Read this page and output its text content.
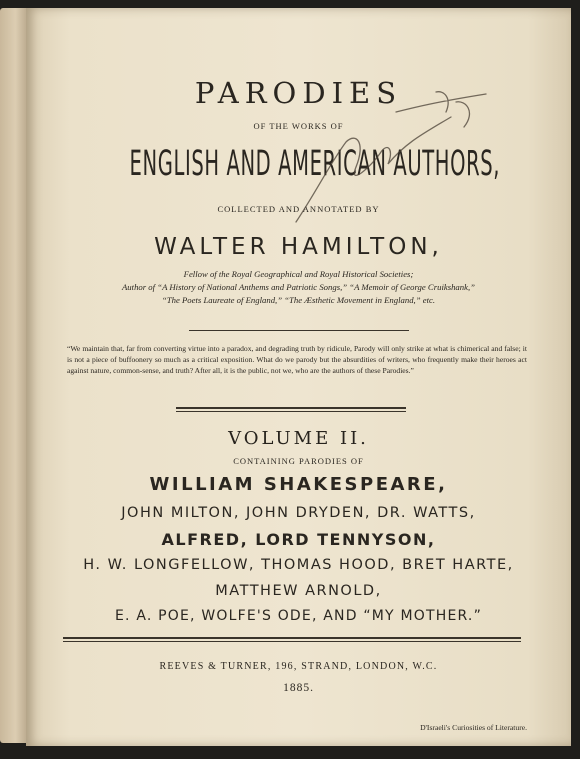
PARODIES
OF THE WORKS OF
ENGLISH AND AMERICAN AUTHORS,
COLLECTED AND ANNOTATED BY
WALTER HAMILTON,
Fellow of the Royal Geographical and Royal Historical Societies;
Author of “A History of National Anthems and Patriotic Songs,” “A Memoir of George Cruikshank,”
“The Poets Laureate of England,” “The Æsthetic Movement in England,” etc.
“We maintain that, far from converting virtue into a paradox, and degrading truth by ridicule, Parody will only strike at what is chimerical and false; it is not a piece of buffoonery so much as a critical exposition. What do we parody but the absurdities of writers, who frequently make their heroes act against nature, common-sense, and truth? After all, it is the public, not we, who are the authors of these Parodies.”
D'Israeli's Curiosities of Literature.
VOLUME II.
CONTAINING PARODIES OF
WILLIAM SHAKESPEARE,
JOHN MILTON, JOHN DRYDEN, DR. WATTS,
ALFRED, LORD TENNYSON,
H. W. LONGFELLOW, THOMAS HOOD, BRET HARTE,
MATTHEW ARNOLD,
E. A. POE, WOLFE'S ODE, AND “MY MOTHER.”
REEVES & TURNER, 196, STRAND, LONDON, W.C.
1885.
